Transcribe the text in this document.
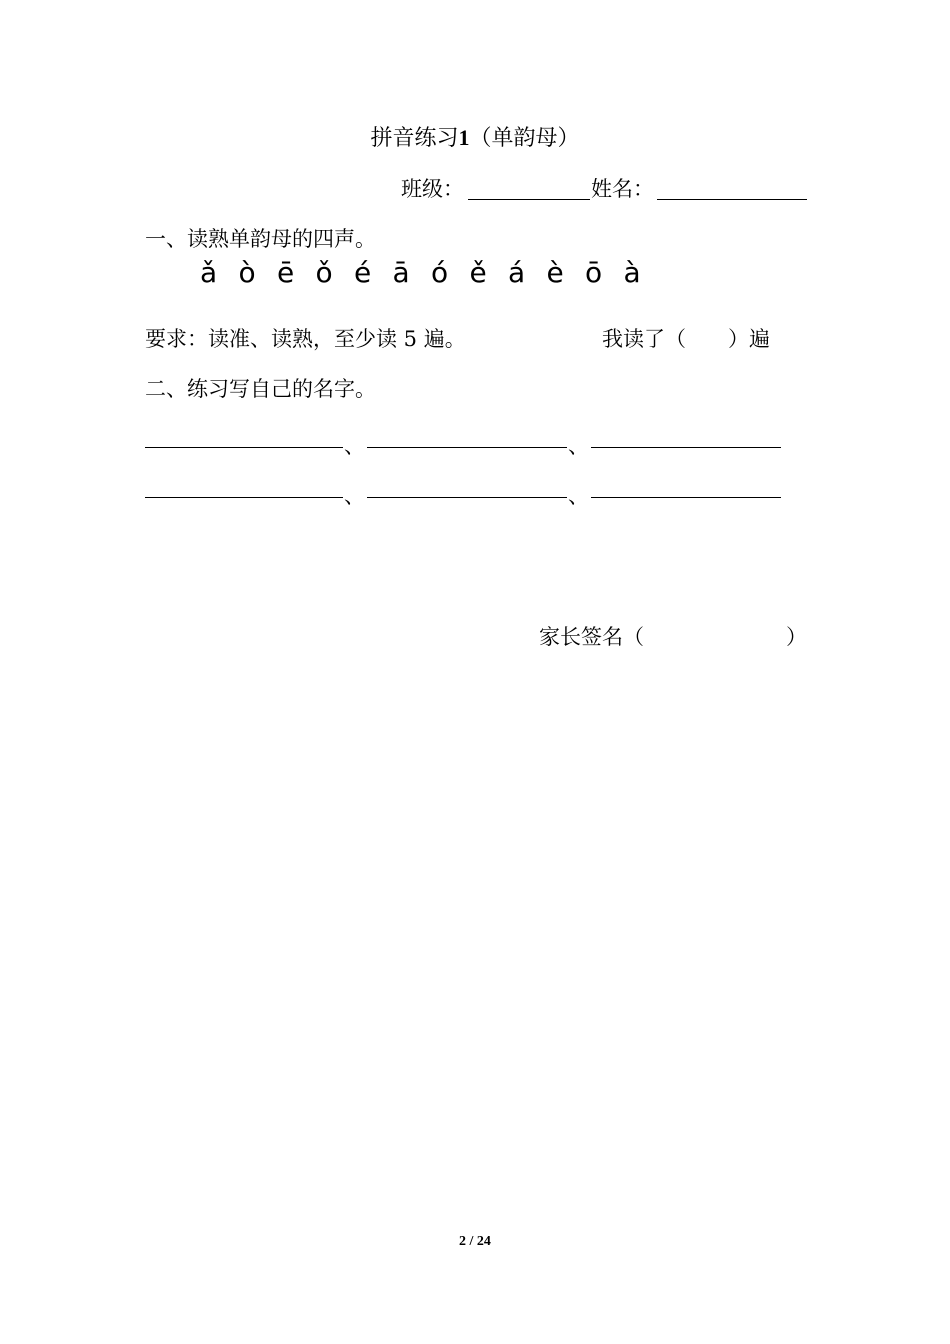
拼音练习1（单韵母）
班级：	姓名：
一、读熟单韵母的四声。
ǎ ò ē ǒ é ā ó ě á è ō à
要求：读准、读熟，至少读 5 遍。	我读了（　　）遍
二、练习写自己的名字。
、	、
、	、
家长签名（	）
2 / 24
